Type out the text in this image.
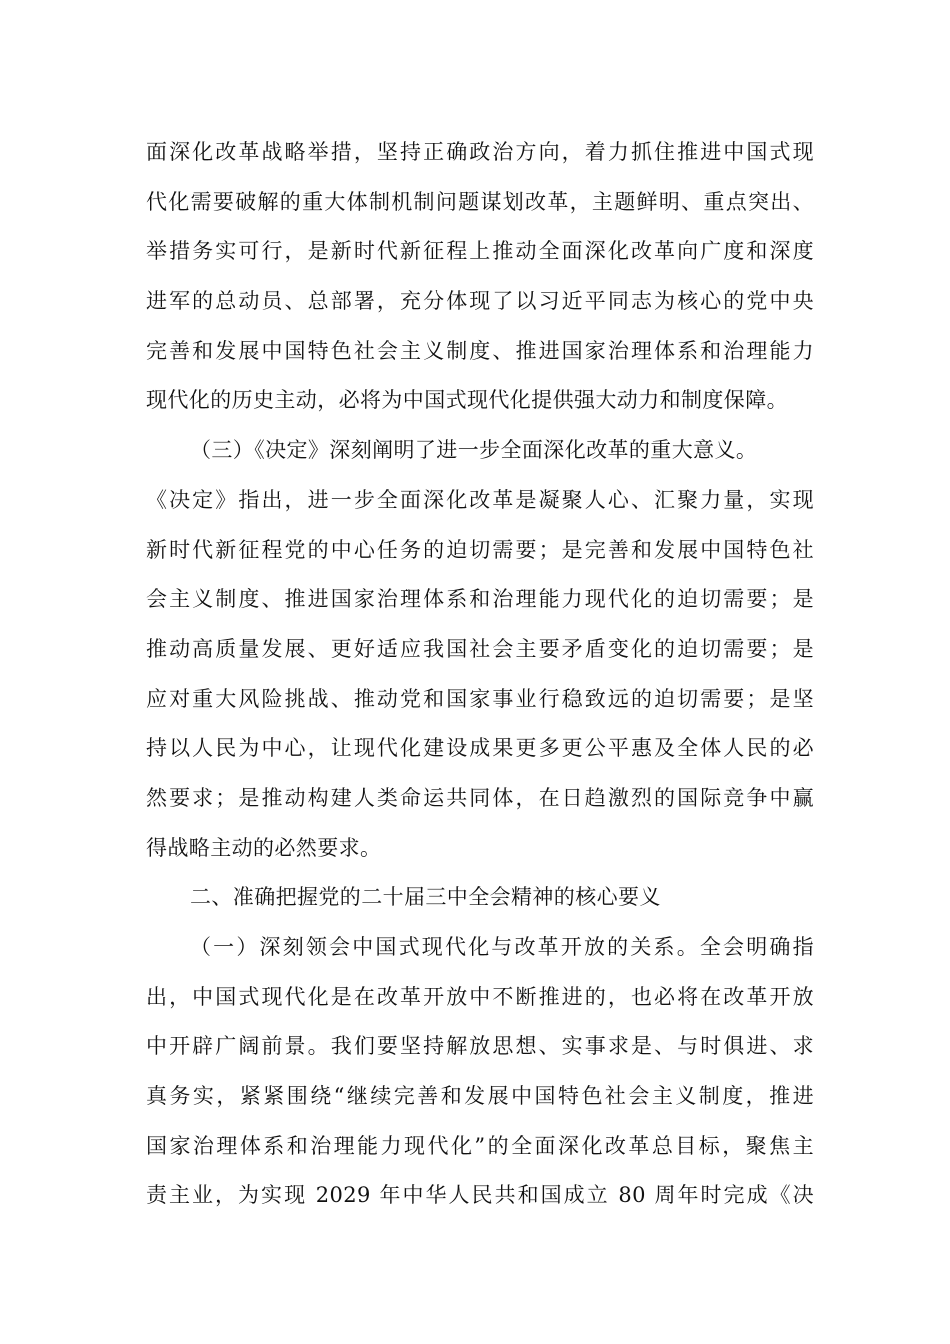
面深化改革战略举措，坚持正确政治方向，着力抓住推进中国式现
代化需要破解的重大体制机制问题谋划改革，主题鲜明、重点突出、
举措务实可行，是新时代新征程上推动全面深化改革向广度和深度
进军的总动员、总部署，充分体现了以习近平同志为核心的党中央
完善和发展中国特色社会主义制度、推进国家治理体系和治理能力
现代化的历史主动，必将为中国式现代化提供强大动力和制度保障。
（三）《决定》深刻阐明了进一步全面深化改革的重大意义。
《决定》指出，进一步全面深化改革是凝聚人心、汇聚力量，实现
新时代新征程党的中心任务的迫切需要；是完善和发展中国特色社
会主义制度、推进国家治理体系和治理能力现代化的迫切需要；是
推动高质量发展、更好适应我国社会主要矛盾变化的迫切需要；是
应对重大风险挑战、推动党和国家事业行稳致远的迫切需要；是坚
持以人民为中心，让现代化建设成果更多更公平惠及全体人民的必
然要求；是推动构建人类命运共同体，在日趋激烈的国际竞争中赢
得战略主动的必然要求。
二、准确把握党的二十届三中全会精神的核心要义
（一）深刻领会中国式现代化与改革开放的关系。全会明确指
出，中国式现代化是在改革开放中不断推进的，也必将在改革开放
中开辟广阔前景。我们要坚持解放思想、实事求是、与时俱进、求
真务实，紧紧围绕“继续完善和发展中国特色社会主义制度，推进
国家治理体系和治理能力现代化”的全面深化改革总目标，聚焦主
责主业，为实现 2029 年中华人民共和国成立 80 周年时完成《决
